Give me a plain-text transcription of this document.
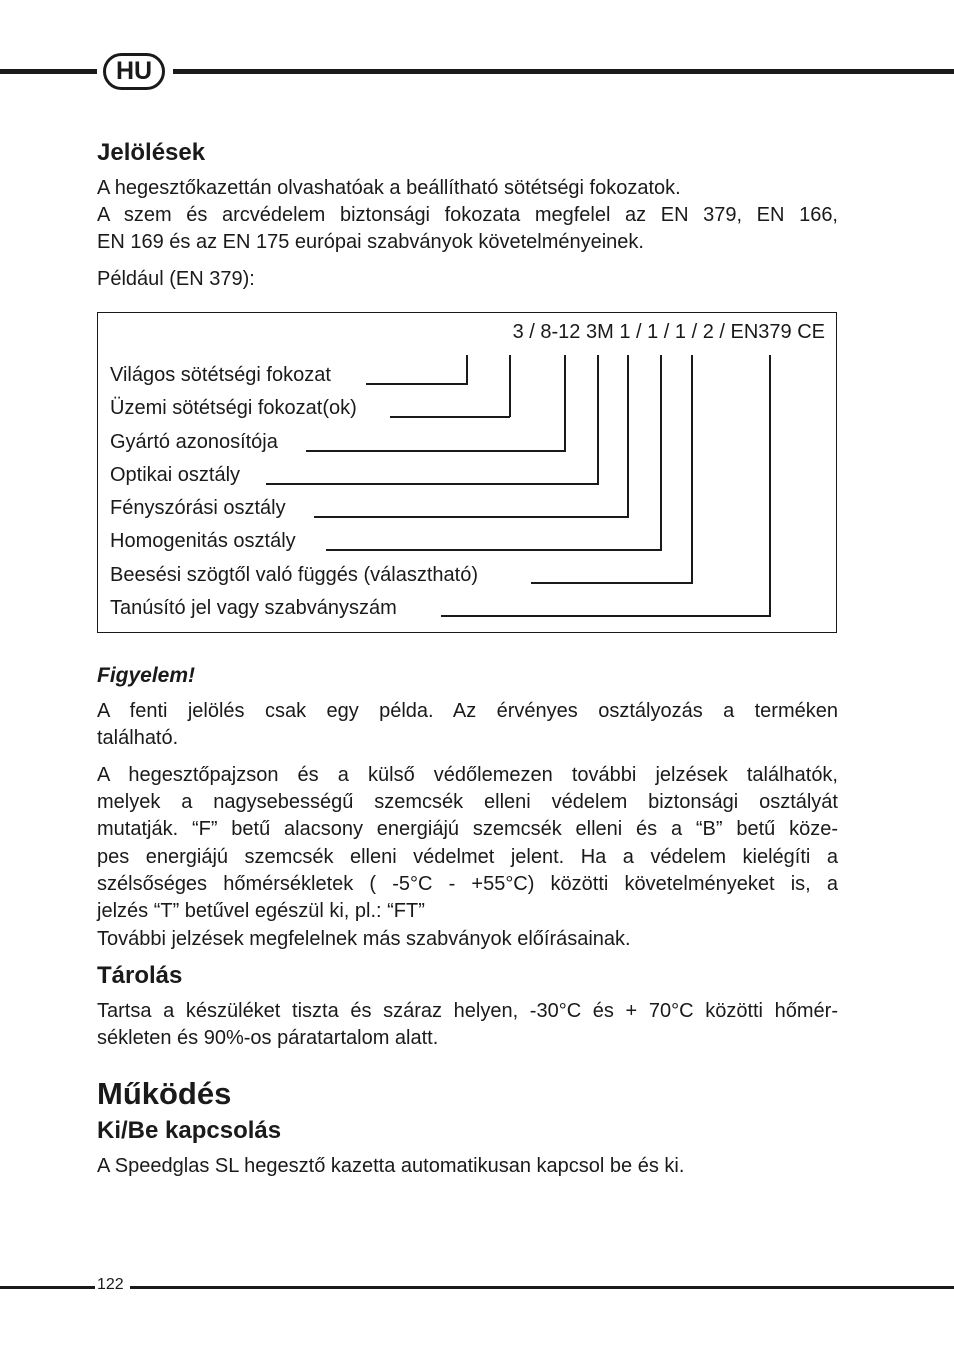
HU
Jelölések
A hegesztőkazettán olvashatóak a beállítható sötétségi fokozatok.
A szem és arcvédelem biztonsági fokozata megfelel az EN 379, EN 166,
EN 169 és az EN 175 európai szabványok követelményeinek.
Például (EN 379):
3 / 8-12 3M 1 / 1 / 1 / 2 / EN379 CE
Világos sötétségi fokozat
Üzemi sötétségi fokozat(ok)
Gyártó azonosítója
Optikai osztály
Fényszórási osztály
Homogenitás osztály
Beesési szögtől való függés (választható)
Tanúsító jel vagy szabványszám
Figyelem!
A fenti jelölés csak egy példa. Az érvényes osztályozás a terméken
található.
A hegesztőpajzson és a külső védőlemezen további jelzések találhatók,
melyek a nagysebességű szemcsék elleni védelem biztonsági osztályát
mutatják. “F” betű alacsony energiájú szemcsék elleni és a “B” betű köze-
pes energiájú szemcsék elleni védelmet jelent. Ha a védelem kielégíti a
szélsőséges hőmérsékletek ( -5°C - +55°C) közötti követelményeket is, a
jelzés “T” betűvel egészül ki, pl.: “FT”
További jelzések megfelelnek más szabványok előírásainak.
Tárolás
Tartsa a készüléket tiszta és száraz helyen, -30°C és + 70°C közötti hőmér-
sékleten és 90%-os páratartalom alatt.
Működés
Ki/Be kapcsolás
A Speedglas SL hegesztő kazetta automatikusan kapcsol be és ki.
122
